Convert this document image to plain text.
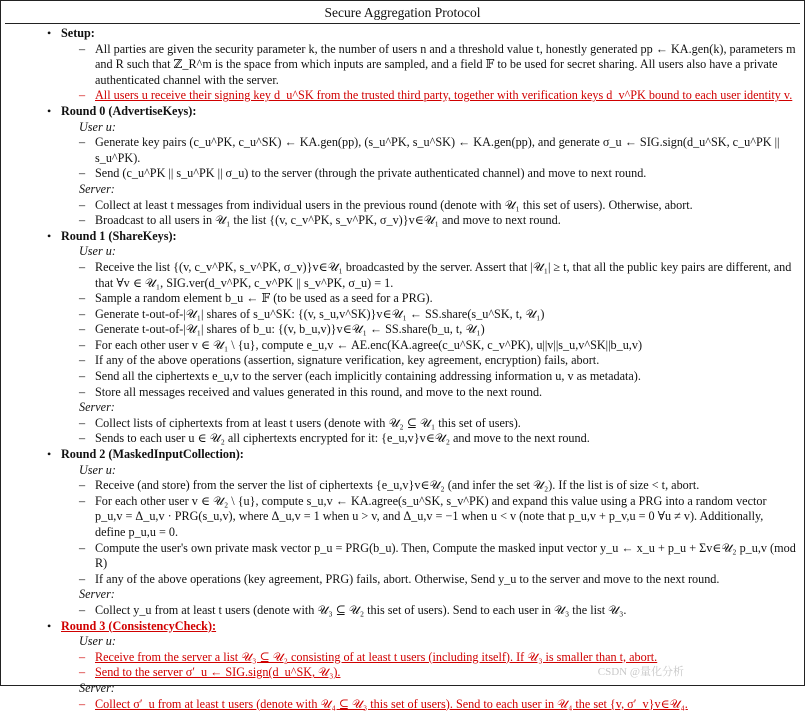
Secure Aggregation Protocol
• Setup:
– All parties are given the security parameter k, the number of users n and a threshold value t, honestly generated pp ← KA.gen(k), parameters m and R such that ℤ_R^m is the space from which inputs are sampled, and a field 𝔽 to be used for secret sharing. All users also have a private authenticated channel with the server.
– All users u receive their signing key d_u^SK from the trusted third party, together with verification keys d_v^PK bound to each user identity v.
• Round 0 (AdvertiseKeys):
User u:
– Generate key pairs (c_u^PK, c_u^SK) ← KA.gen(pp), (s_u^PK, s_u^SK) ← KA.gen(pp), and generate σ_u ← SIG.sign(d_u^SK, c_u^PK || s_u^PK).
– Send (c_u^PK || s_u^PK || σ_u) to the server (through the private authenticated channel) and move to next round.
Server:
– Collect at least t messages from individual users in the previous round (denote with 𝒰₁ this set of users). Otherwise, abort.
– Broadcast to all users in 𝒰₁ the list {(v, c_v^PK, s_v^PK, σ_v)}v∈𝒰₁ and move to next round.
• Round 1 (ShareKeys):
User u:
– Receive the list {(v, c_v^PK, s_v^PK, σ_v)}v∈𝒰₁ broadcasted by the server. Assert that |𝒰₁| ≥ t, that all the public key pairs are different, and that ∀v ∈ 𝒰₁, SIG.ver(d_v^PK, c_v^PK || s_v^PK, σ_u) = 1.
– Sample a random element b_u ← 𝔽 (to be used as a seed for a PRG).
– Generate t-out-of-|𝒰₁| shares of s_u^SK: {(v, s_u,v^SK)}v∈𝒰₁ ← SS.share(s_u^SK, t, 𝒰₁)
– Generate t-out-of-|𝒰₁| shares of b_u: {(v, b_u,v)}v∈𝒰₁ ← SS.share(b_u, t, 𝒰₁)
– For each other user v ∈ 𝒰₁ \ {u}, compute e_u,v ← AE.enc(KA.agree(c_u^SK, c_v^PK), u||v||s_u,v^SK||b_u,v)
– If any of the above operations (assertion, signature verification, key agreement, encryption) fails, abort.
– Send all the ciphertexts e_u,v to the server (each implicitly containing addressing information u, v as metadata).
– Store all messages received and values generated in this round, and move to the next round.
Server:
– Collect lists of ciphertexts from at least t users (denote with 𝒰₂ ⊆ 𝒰₁ this set of users).
– Sends to each user u ∈ 𝒰₂ all ciphertexts encrypted for it: {e_u,v}v∈𝒰₂ and move to the next round.
• Round 2 (MaskedInputCollection):
User u:
– Receive (and store) from the server the list of ciphertexts {e_u,v}v∈𝒰₂ (and infer the set 𝒰₂). If the list is of size < t, abort.
– For each other user v ∈ 𝒰₂ \ {u}, compute s_u,v ← KA.agree(s_u^SK, s_v^PK) and expand this value using a PRG into a random vector p_u,v = Δ_u,v · PRG(s_u,v), where Δ_u,v = 1 when u > v, and Δ_u,v = −1 when u < v (note that p_u,v + p_v,u = 0 ∀u ≠ v). Additionally, define p_u,u = 0.
– Compute the user's own private mask vector p_u = PRG(b_u). Then, Compute the masked input vector y_u ← x_u + p_u + Σv∈𝒰₂ p_u,v (mod R)
– If any of the above operations (key agreement, PRG) fails, abort. Otherwise, Send y_u to the server and move to the next round.
Server:
– Collect y_u from at least t users (denote with 𝒰₃ ⊆ 𝒰₂ this set of users). Send to each user in 𝒰₃ the list 𝒰₃.
• Round 3 (ConsistencyCheck):
User u:
– Receive from the server a list 𝒰₃ ⊆ 𝒰₂ consisting of at least t users (including itself). If 𝒰₃ is smaller than t, abort.
– Send to the server σ′_u ← SIG.sign(d_u^SK, 𝒰₃).
Server:
– Collect σ′_u from at least t users (denote with 𝒰₄ ⊆ 𝒰₃ this set of users). Send to each user in 𝒰₄ the set {v, σ′_v}v∈𝒰₄.
CSDN @量化分析
